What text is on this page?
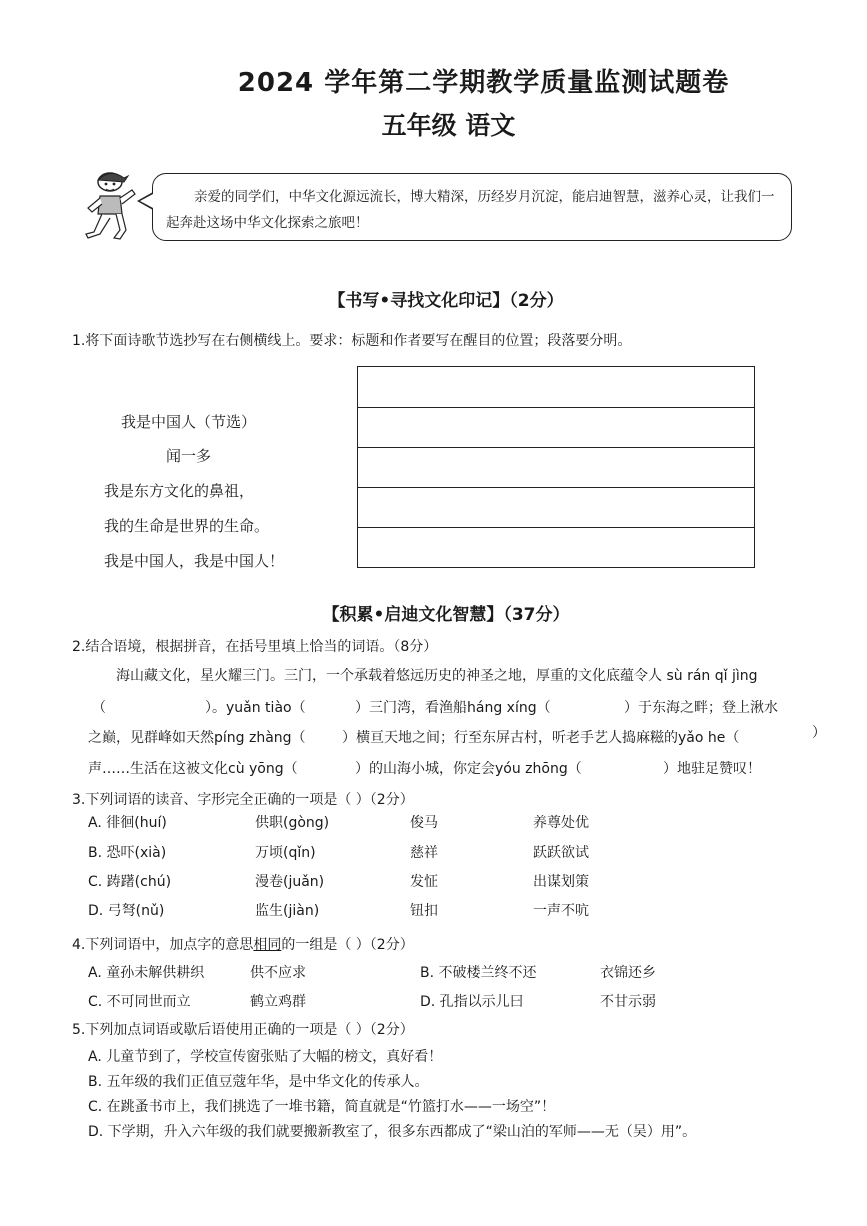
2024 学年第二学期教学质量监测试题卷
五年级 语文
亲爱的同学们，中华文化源远流长，博大精深，历经岁月沉淀，能启迪智慧，滋养心灵，让我们一起奔赴这场中华文化探索之旅吧！
【书写•寻找文化印记】（2分）
1.将下面诗歌节选抄写在右侧横线上。要求：标题和作者要写在醒目的位置；段落要分明。
我是中国人（节选）
闻一多
我是东方文化的鼻祖，
我的生命是世界的生命。
我是中国人，我是中国人！
【积累•启迪文化智慧】（37分）
2.结合语境，根据拼音，在括号里填上恰当的词语。（8分）
海山藏文化，星火耀三门。三门，一个承载着悠远历史的神圣之地，厚重的文化底蕴令人 sù rán qǐ jìng
（	）。yuǎn tiào（	）三门湾，看渔船háng xíng（	）于东海之畔；登上湫水
之巅，见群峰如天然píng zhàng（	）横亘天地之间；行至东屏古村，听老手艺人捣麻糍的yǎo he（	）
声……生活在这被文化cù yōng（	）的山海小城，你定会yóu zhōng（	）地驻足赞叹！
3.下列词语的读音、字形完全正确的一项是（ ）（2分）
A. 徘徊(huí)	供职(gòng)	俊马	养尊处优
B. 恐吓(xià)	万顷(qǐn)	慈祥	跃跃欲试
C. 踌躇(chú)	漫卷(juǎn)	发怔	出谋划策
D. 弓弩(nǔ)	监生(jiàn)	钮扣	一声不吭
4.下列词语中，加点字的意思相同的一组是（ ）（2分）
A. 童孙未解供耕织	供不应求	B. 不破楼兰终不还	衣锦还乡
C. 不可同世而立	鹤立鸡群	D. 孔指以示儿曰	不甘示弱
5.下列加点词语或歇后语使用正确的一项是（ ）（2分）
A. 儿童节到了，学校宣传窗张贴了大幅的榜文，真好看！
B. 五年级的我们正值豆蔻年华，是中华文化的传承人。
C. 在跳蚤书市上，我们挑选了一堆书籍，简直就是“竹篮打水——一场空”！
D. 下学期，升入六年级的我们就要搬新教室了，很多东西都成了“梁山泊的军师——无（吴）用”。
